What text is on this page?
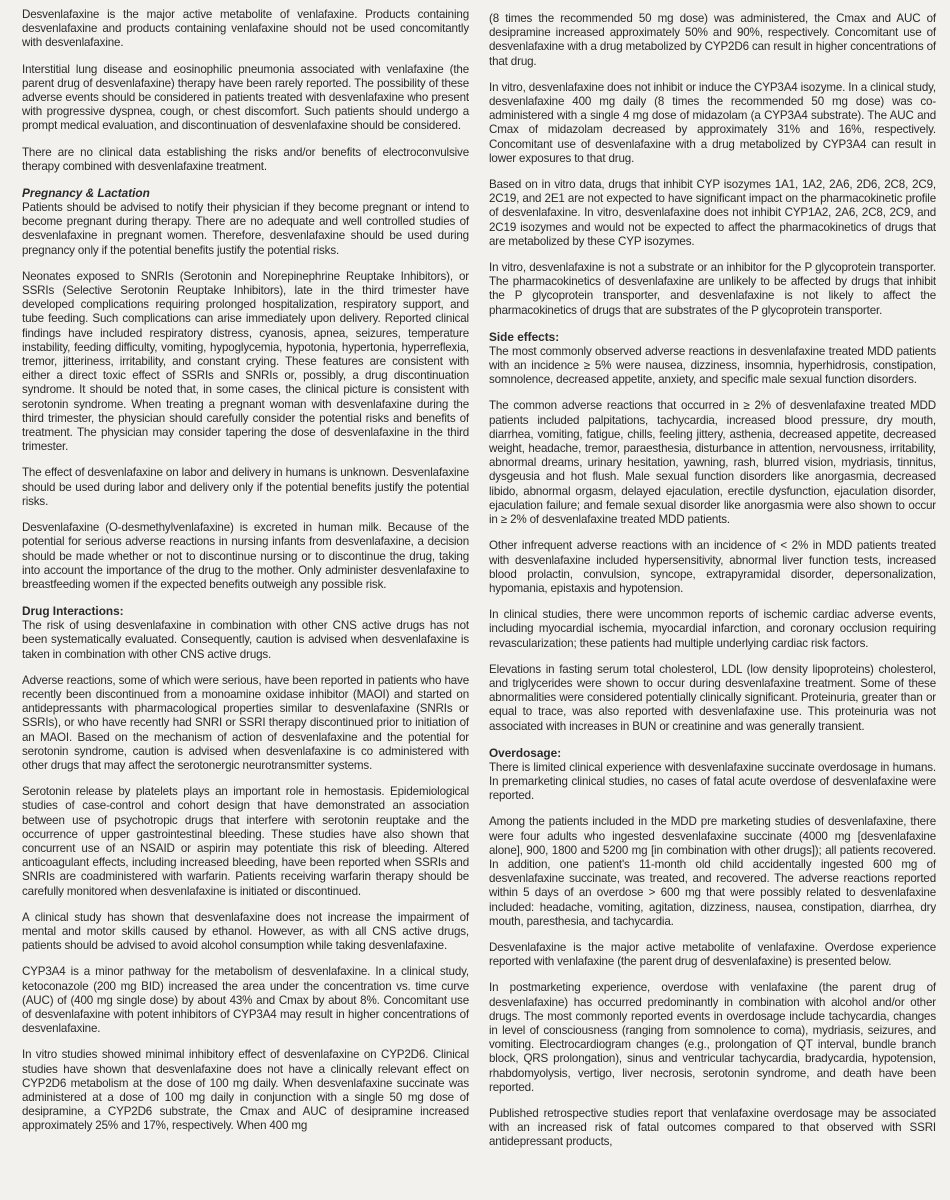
Desvenlafaxine is the major active metabolite of venlafaxine. Products containing desvenlafaxine and products containing venlafaxine should not be used concomitantly with desvenlafaxine.

Interstitial lung disease and eosinophilic pneumonia associated with venlafaxine (the parent drug of desvenlafaxine) therapy have been rarely reported. The possibility of these adverse events should be considered in patients treated with desvenlafaxine who present with progressive dyspnea, cough, or chest discomfort. Such patients should undergo a prompt medical evaluation, and discontinuation of desvenlafaxine should be considered.

There are no clinical data establishing the risks and/or benefits of electroconvulsive therapy combined with desvenlafaxine treatment.

Pregnancy & Lactation

Patients should be advised to notify their physician if they become pregnant or intend to become pregnant during therapy. There are no adequate and well controlled studies of desvenlafaxine in pregnant women. Therefore, desvenlafaxine should be used during pregnancy only if the potential benefits justify the potential risks.

Neonates exposed to SNRIs (Serotonin and Norepinephrine Reuptake Inhibitors), or SSRIs (Selective Serotonin Reuptake Inhibitors), late in the third trimester have developed complications requiring prolonged hospitalization, respiratory support, and tube feeding. Such complications can arise immediately upon delivery. Reported clinical findings have included respiratory distress, cyanosis, apnea, seizures, temperature instability, feeding difficulty, vomiting, hypoglycemia, hypotonia, hypertonia, hyperreflexia, tremor, jitteriness, irritability, and constant crying. These features are consistent with either a direct toxic effect of SSRIs and SNRIs or, possibly, a drug discontinuation syndrome. It should be noted that, in some cases, the clinical picture is consistent with serotonin syndrome. When treating a pregnant woman with desvenlafaxine during the third trimester, the physician should carefully consider the potential risks and benefits of treatment. The physician may consider tapering the dose of desvenlafaxine in the third trimester.

The effect of desvenlafaxine on labor and delivery in humans is unknown. Desvenlafaxine should be used during labor and delivery only if the potential benefits justify the potential risks.

Desvenlafaxine (O-desmethylvenlafaxine) is excreted in human milk. Because of the potential for serious adverse reactions in nursing infants from desvenlafaxine, a decision should be made whether or not to discontinue nursing or to discontinue the drug, taking into account the importance of the drug to the mother. Only administer desvenlafaxine to breastfeeding women if the expected benefits outweigh any possible risk.

Drug Interactions:

The risk of using desvenlafaxine in combination with other CNS active drugs has not been systematically evaluated. Consequently, caution is advised when desvenlafaxine is taken in combination with other CNS active drugs.

Adverse reactions, some of which were serious, have been reported in patients who have recently been discontinued from a monoamine oxidase inhibitor (MAOI) and started on antidepressants with pharmacological properties similar to desvenlafaxine (SNRIs or SSRIs), or who have recently had SNRI or SSRI therapy discontinued prior to initiation of an MAOI. Based on the mechanism of action of desvenlafaxine and the potential for serotonin syndrome, caution is advised when desvenlafaxine is co administered with other drugs that may affect the serotonergic neurotransmitter systems.

Serotonin release by platelets plays an important role in hemostasis. Epidemiological studies of case-control and cohort design that have demonstrated an association between use of psychotropic drugs that interfere with serotonin reuptake and the occurrence of upper gastrointestinal bleeding. These studies have also shown that concurrent use of an NSAID or aspirin may potentiate this risk of bleeding. Altered anticoagulant effects, including increased bleeding, have been reported when SSRIs and SNRIs are coadministered with warfarin. Patients receiving warfarin therapy should be carefully monitored when desvenlafaxine is initiated or discontinued.

A clinical study has shown that desvenlafaxine does not increase the impairment of mental and motor skills caused by ethanol. However, as with all CNS active drugs, patients should be advised to avoid alcohol consumption while taking desvenlafaxine.

CYP3A4 is a minor pathway for the metabolism of desvenlafaxine. In a clinical study, ketoconazole (200 mg BID) increased the area under the concentration vs. time curve (AUC) of (400 mg single dose) by about 43% and Cmax by about 8%. Concomitant use of desvenlafaxine with potent inhibitors of CYP3A4 may result in higher concentrations of desvenlafaxine.

In vitro studies showed minimal inhibitory effect of desvenlafaxine on CYP2D6. Clinical studies have shown that desvenlafaxine does not have a clinically relevant effect on CYP2D6 metabolism at the dose of 100 mg daily. When desvenlafaxine succinate was administered at a dose of 100 mg daily in conjunction with a single 50 mg dose of desipramine, a CYP2D6 substrate, the Cmax and AUC of desipramine increased approximately 25% and 17%, respectively. When 400 mg

(8 times the recommended 50 mg dose) was administered, the Cmax and AUC of desipramine increased approximately 50% and 90%, respectively. Concomitant use of desvenlafaxine with a drug metabolized by CYP2D6 can result in higher concentrations of that drug.

In vitro, desvenlafaxine does not inhibit or induce the CYP3A4 isozyme. In a clinical study, desvenlafaxine 400 mg daily (8 times the recommended 50 mg dose) was co-administered with a single 4 mg dose of midazolam (a CYP3A4 substrate). The AUC and Cmax of midazolam decreased by approximately 31% and 16%, respectively. Concomitant use of desvenlafaxine with a drug metabolized by CYP3A4 can result in lower exposures to that drug.

Based on in vitro data, drugs that inhibit CYP isozymes 1A1, 1A2, 2A6, 2D6, 2C8, 2C9, 2C19, and 2E1 are not expected to have significant impact on the pharmacokinetic profile of desvenlafaxine. In vitro, desvenlafaxine does not inhibit CYP1A2, 2A6, 2C8, 2C9, and 2C19 isozymes and would not be expected to affect the pharmacokinetics of drugs that are metabolized by these CYP isozymes.

In vitro, desvenlafaxine is not a substrate or an inhibitor for the P glycoprotein transporter. The pharmacokinetics of desvenlafaxine are unlikely to be affected by drugs that inhibit the P glycoprotein transporter, and desvenlafaxine is not likely to affect the pharmacokinetics of drugs that are substrates of the P glycoprotein transporter.

Side effects:

The most commonly observed adverse reactions in desvenlafaxine treated MDD patients with an incidence ≥ 5% were nausea, dizziness, insomnia, hyperhidrosis, constipation, somnolence, decreased appetite, anxiety, and specific male sexual function disorders.

The common adverse reactions that occurred in ≥ 2% of desvenlafaxine treated MDD patients included palpitations, tachycardia, increased blood pressure, dry mouth, diarrhea, vomiting, fatigue, chills, feeling jittery, asthenia, decreased appetite, decreased weight, headache, tremor, paraesthesia, disturbance in attention, nervousness, irritability, abnormal dreams, urinary hesitation, yawning, rash, blurred vision, mydriasis, tinnitus, dysgeusia and hot flush. Male sexual function disorders like anorgasmia, decreased libido, abnormal orgasm, delayed ejaculation, erectile dysfunction, ejaculation disorder, ejaculation failure; and female sexual disorder like anorgasmia were also shown to occur in ≥ 2% of desvenlafaxine treated MDD patients.

Other infrequent adverse reactions with an incidence of < 2% in MDD patients treated with desvenlafaxine included hypersensitivity, abnormal liver function tests, increased blood prolactin, convulsion, syncope, extrapyramidal disorder, depersonalization, hypomania, epistaxis and hypotension.

In clinical studies, there were uncommon reports of ischemic cardiac adverse events, including myocardial ischemia, myocardial infarction, and coronary occlusion requiring revascularization; these patients had multiple underlying cardiac risk factors.

Elevations in fasting serum total cholesterol, LDL (low density lipoproteins) cholesterol, and triglycerides were shown to occur during desvenlafaxine treatment. Some of these abnormalities were considered potentially clinically significant. Proteinuria, greater than or equal to trace, was also reported with desvenlafaxine use. This proteinuria was not associated with increases in BUN or creatinine and was generally transient.

Overdosage:

There is limited clinical experience with desvenlafaxine succinate overdosage in humans. In premarketing clinical studies, no cases of fatal acute overdose of desvenlafaxine were reported.

Among the patients included in the MDD pre marketing studies of desvenlafaxine, there were four adults who ingested desvenlafaxine succinate (4000 mg [desvenlafaxine alone], 900, 1800 and 5200 mg [in combination with other drugs]); all patients recovered. In addition, one patient's 11-month old child accidentally ingested 600 mg of desvenlafaxine succinate, was treated, and recovered. The adverse reactions reported within 5 days of an overdose > 600 mg that were possibly related to desvenlafaxine included: headache, vomiting, agitation, dizziness, nausea, constipation, diarrhea, dry mouth, paresthesia, and tachycardia.

Desvenlafaxine is the major active metabolite of venlafaxine. Overdose experience reported with venlafaxine (the parent drug of desvenlafaxine) is presented below.

In postmarketing experience, overdose with venlafaxine (the parent drug of desvenlafaxine) has occurred predominantly in combination with alcohol and/or other drugs. The most commonly reported events in overdosage include tachycardia, changes in level of consciousness (ranging from somnolence to coma), mydriasis, seizures, and vomiting. Electrocardiogram changes (e.g., prolongation of QT interval, bundle branch block, QRS prolongation), sinus and ventricular tachycardia, bradycardia, hypotension, rhabdomyolysis, vertigo, liver necrosis, serotonin syndrome, and death have been reported.

Published retrospective studies report that venlafaxine overdosage may be associated with an increased risk of fatal outcomes compared to that observed with SSRI antidepressant products,
